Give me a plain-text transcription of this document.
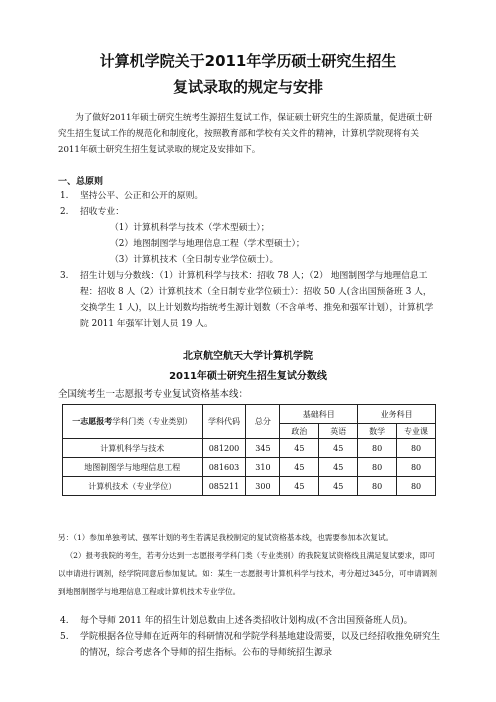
计算机学院关于2011年学历硕士研究生招生
复试录取的规定与安排

为了做好2011年硕士研究生统考生源招生复试工作，保证硕士研究生的生源质量，促进硕士研究生招生复试工作的规范化和制度化，按照教育部和学校有关文件的精神，计算机学院现将有关2011年硕士研究生招生复试录取的规定及安排如下。

一、总原则
1. 坚持公平、公正和公开的原则。
2. 招收专业：
（1）计算机科学与技术（学术型硕士）；
（2）地图制图学与地理信息工程（学术型硕士）；
（3）计算机技术（全日制专业学位硕士）。
3. 招生计划与分数线：（1）计算机科学与技术：招收 78 人；（2） 地图制图学与地理信息工程：招收 8 人（2）计算机技术（全日制专业学位硕士）：招收 50 人(含出国预备班 3 人，交换学生 1 人)，以上计划数均指统考生源计划数（不含单考、推免和强军计划），计算机学院 2011 年强军计划人员 19 人。
北京航空航天大学计算机学院
2011年硕士研究生招生复试分数线
全国统考生一志愿报考专业复试资格基本线：
一志愿报考学科门类（专业类别）	学科代码	总分	基础科目		业务科目	
			政治	英语	数学	专业课
计算机科学与技术	081200	345	45	45	80	80
地图制图学与地理信息工程	081603	310	45	45	80	80
计算机技术（专业学位）	085211	300	45	45	80	80
另：（1）参加单独考试、强军计划的考生若满足我校制定的复试资格基本线，也需要参加本次复试。
（2）报考我院的考生，若考分达到一志愿报考学科门类（专业类别）的我院复试资格线且满足复试要求，即可以申请进行调剂，经学院同意后参加复试。如：某生一志愿报考计算机科学与技术，考分超过345分，可申请调剂到地图制图学与地理信息工程或计算机技术专业学位。
4. 每个导师 2011 年的招生计划总数由上述各类招收计划构成(不含出国预备班人员)。
5. 学院根据各位导师在近两年的科研情况和学院学科基地建设需要，以及已经招收推免研究生的情况，综合考虑各个导师的招生指标。公布的导师统招生源录
